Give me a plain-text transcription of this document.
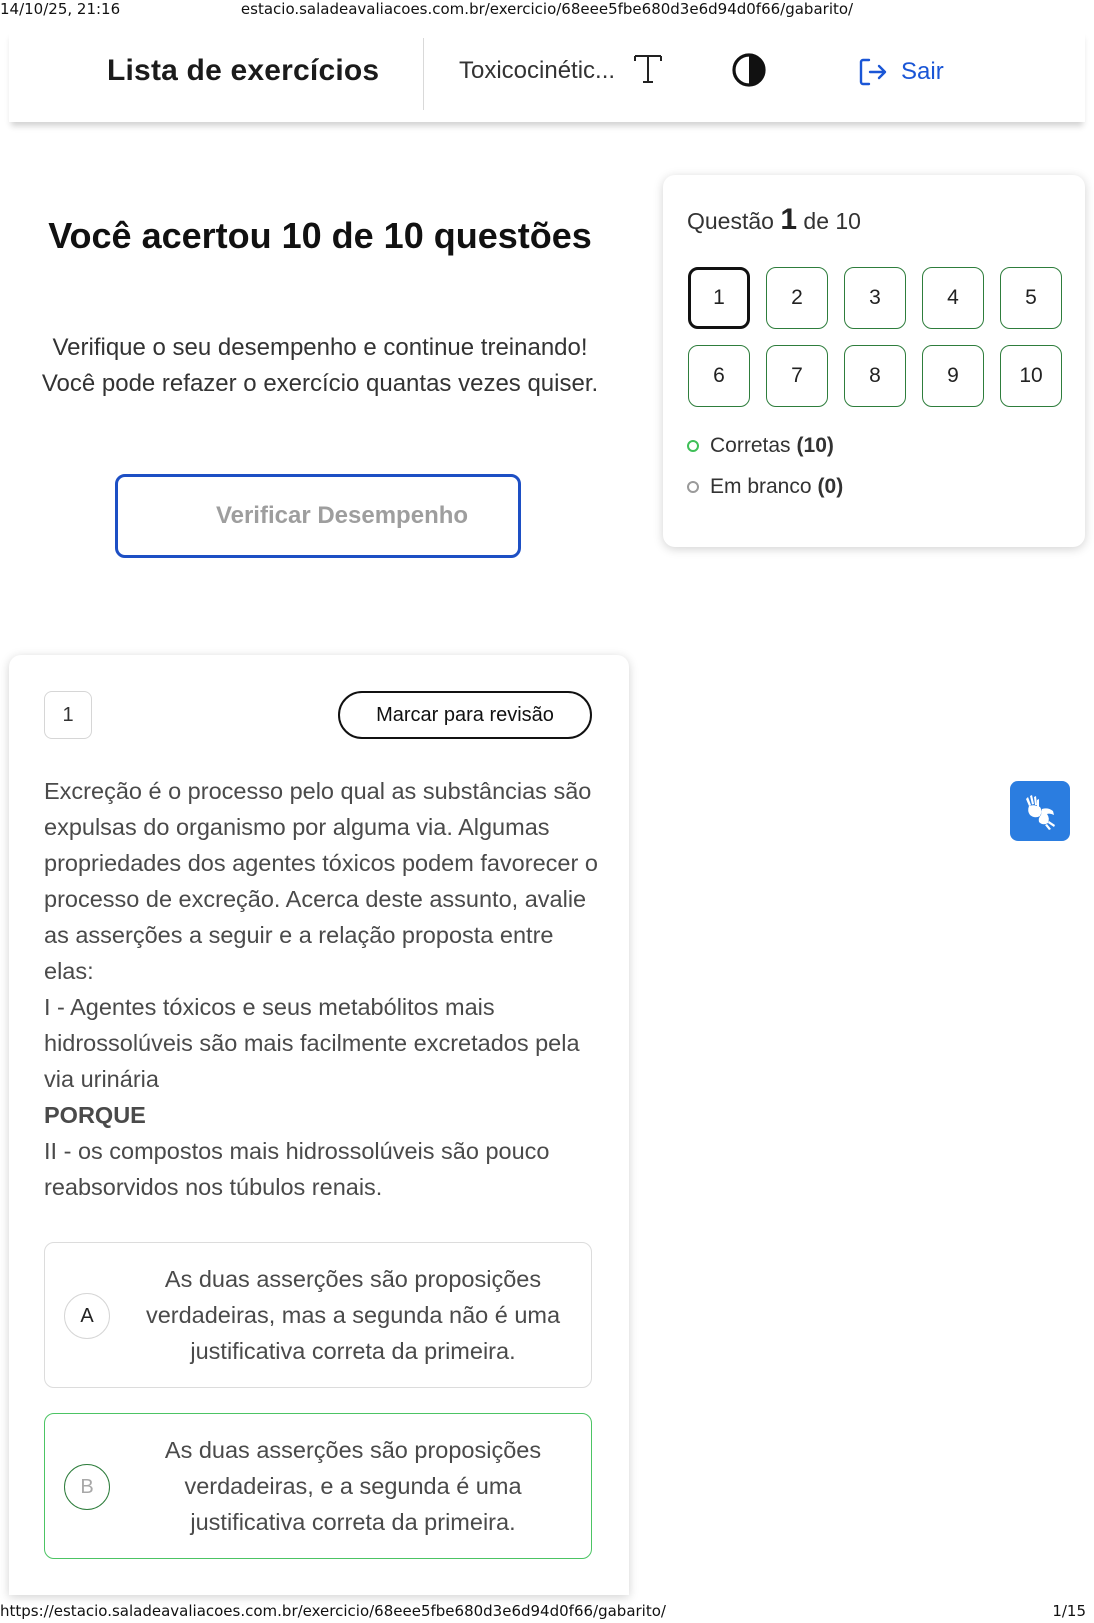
14/10/25, 21:16	estacio.saladeavaliacoes.com.br/exercicio/68eee5fbe680d3e6d94d0f66/gabarito/
Lista de exercícios	Toxicocinétic...	Sair
Você acertou 10 de 10 questões
Verifique o seu desempenho e continue treinando! Você pode refazer o exercício quantas vezes quiser.
Verificar Desempenho
Questão 1 de 10
1	2	3	4	5
6	7	8	9	10
Corretas (10)
Em branco (0)
1	Marcar para revisão

Excreção é o processo pelo qual as substâncias são expulsas do organismo por alguma via. Algumas propriedades dos agentes tóxicos podem favorecer o processo de excreção. Acerca deste assunto, avalie as asserções a seguir e a relação proposta entre elas:

I - Agentes tóxicos e seus metabólitos mais hidrossolúveis são mais facilmente excretados pela via urinária

PORQUE

II - os compostos mais hidrossolúveis são pouco reabsorvidos nos túbulos renais.

A
As duas asserções são proposições verdadeiras, mas a segunda não é uma justificativa correta da primeira.
B
As duas asserções são proposições verdadeiras, e a segunda é uma justificativa correta da primeira.
https://estacio.saladeavaliacoes.com.br/exercicio/68eee5fbe680d3e6d94d0f66/gabarito/	1/15
